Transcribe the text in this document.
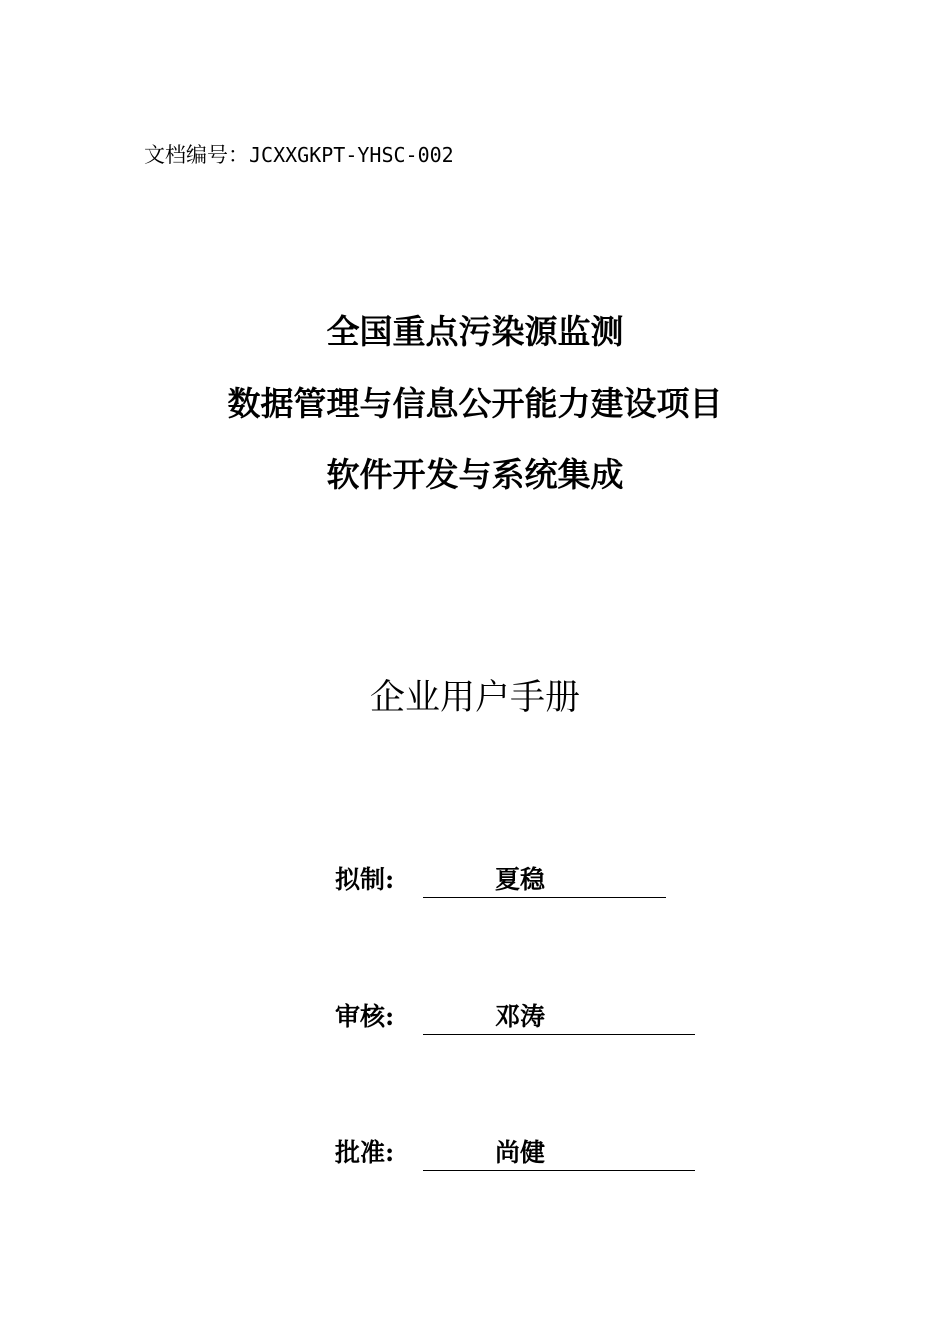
文档编号：JCXXGKPT-YHSC-002
全国重点污染源监测
数据管理与信息公开能力建设项目
软件开发与系统集成
企业用户手册
拟制:	夏稳
审核:	邓涛
批准:	尚健
